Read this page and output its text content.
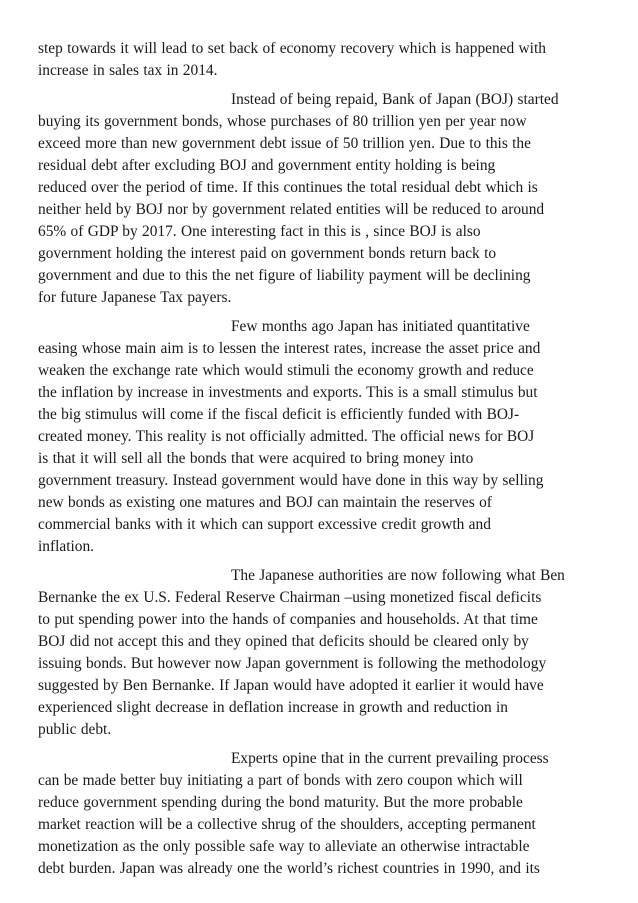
step towards it will lead to set back of economy recovery which is happened with

increase in sales tax in 2014.

Instead of being repaid, Bank of Japan (BOJ) started

buying its government bonds, whose purchases of 80 trillion yen per year now

exceed more than new government debt issue of 50 trillion yen. Due to this the

residual debt after excluding BOJ and government entity holding is being

reduced over the period of time. If this continues the total residual debt which is

neither held by BOJ nor by government related entities will be reduced to around

65% of GDP by 2017. One interesting fact in this is , since BOJ is also

government holding the interest paid on government bonds return back to

government and due to this the net figure of liability payment will be declining

for future Japanese Tax payers.

Few months ago Japan has initiated quantitative

easing whose main aim is to lessen the interest rates, increase the asset price and

weaken the exchange rate which would stimuli the economy growth and reduce

the inflation by increase in investments and exports. This is a small stimulus but

the big stimulus will come if the fiscal deficit is efficiently funded with BOJ-

created money. This reality is not officially admitted. The official news for BOJ

is that it will sell all the bonds that were acquired to bring money into

government treasury. Instead government would have done in this way by selling

new bonds as existing one matures and BOJ can maintain the reserves of

commercial banks with it which can support excessive credit growth and

inflation.

The Japanese authorities are now following what Ben

Bernanke the ex U.S. Federal Reserve Chairman –using monetized fiscal deficits

to put spending power into the hands of companies and households. At that time

BOJ did not accept this and they opined that deficits should be cleared only by

issuing bonds. But however now Japan government is following the methodology

suggested by Ben Bernanke. If Japan would have adopted it earlier it would have

experienced slight decrease in deflation increase in growth and reduction in

public debt.

Experts opine that in the current prevailing process

can be made better buy initiating a part of bonds with zero coupon which will

reduce government spending during the bond maturity. But the more probable

market reaction will be a collective shrug of the shoulders, accepting permanent

monetization as the only possible safe way to alleviate an otherwise intractable

debt burden. Japan was already one the world’s richest countries in 1990, and its
